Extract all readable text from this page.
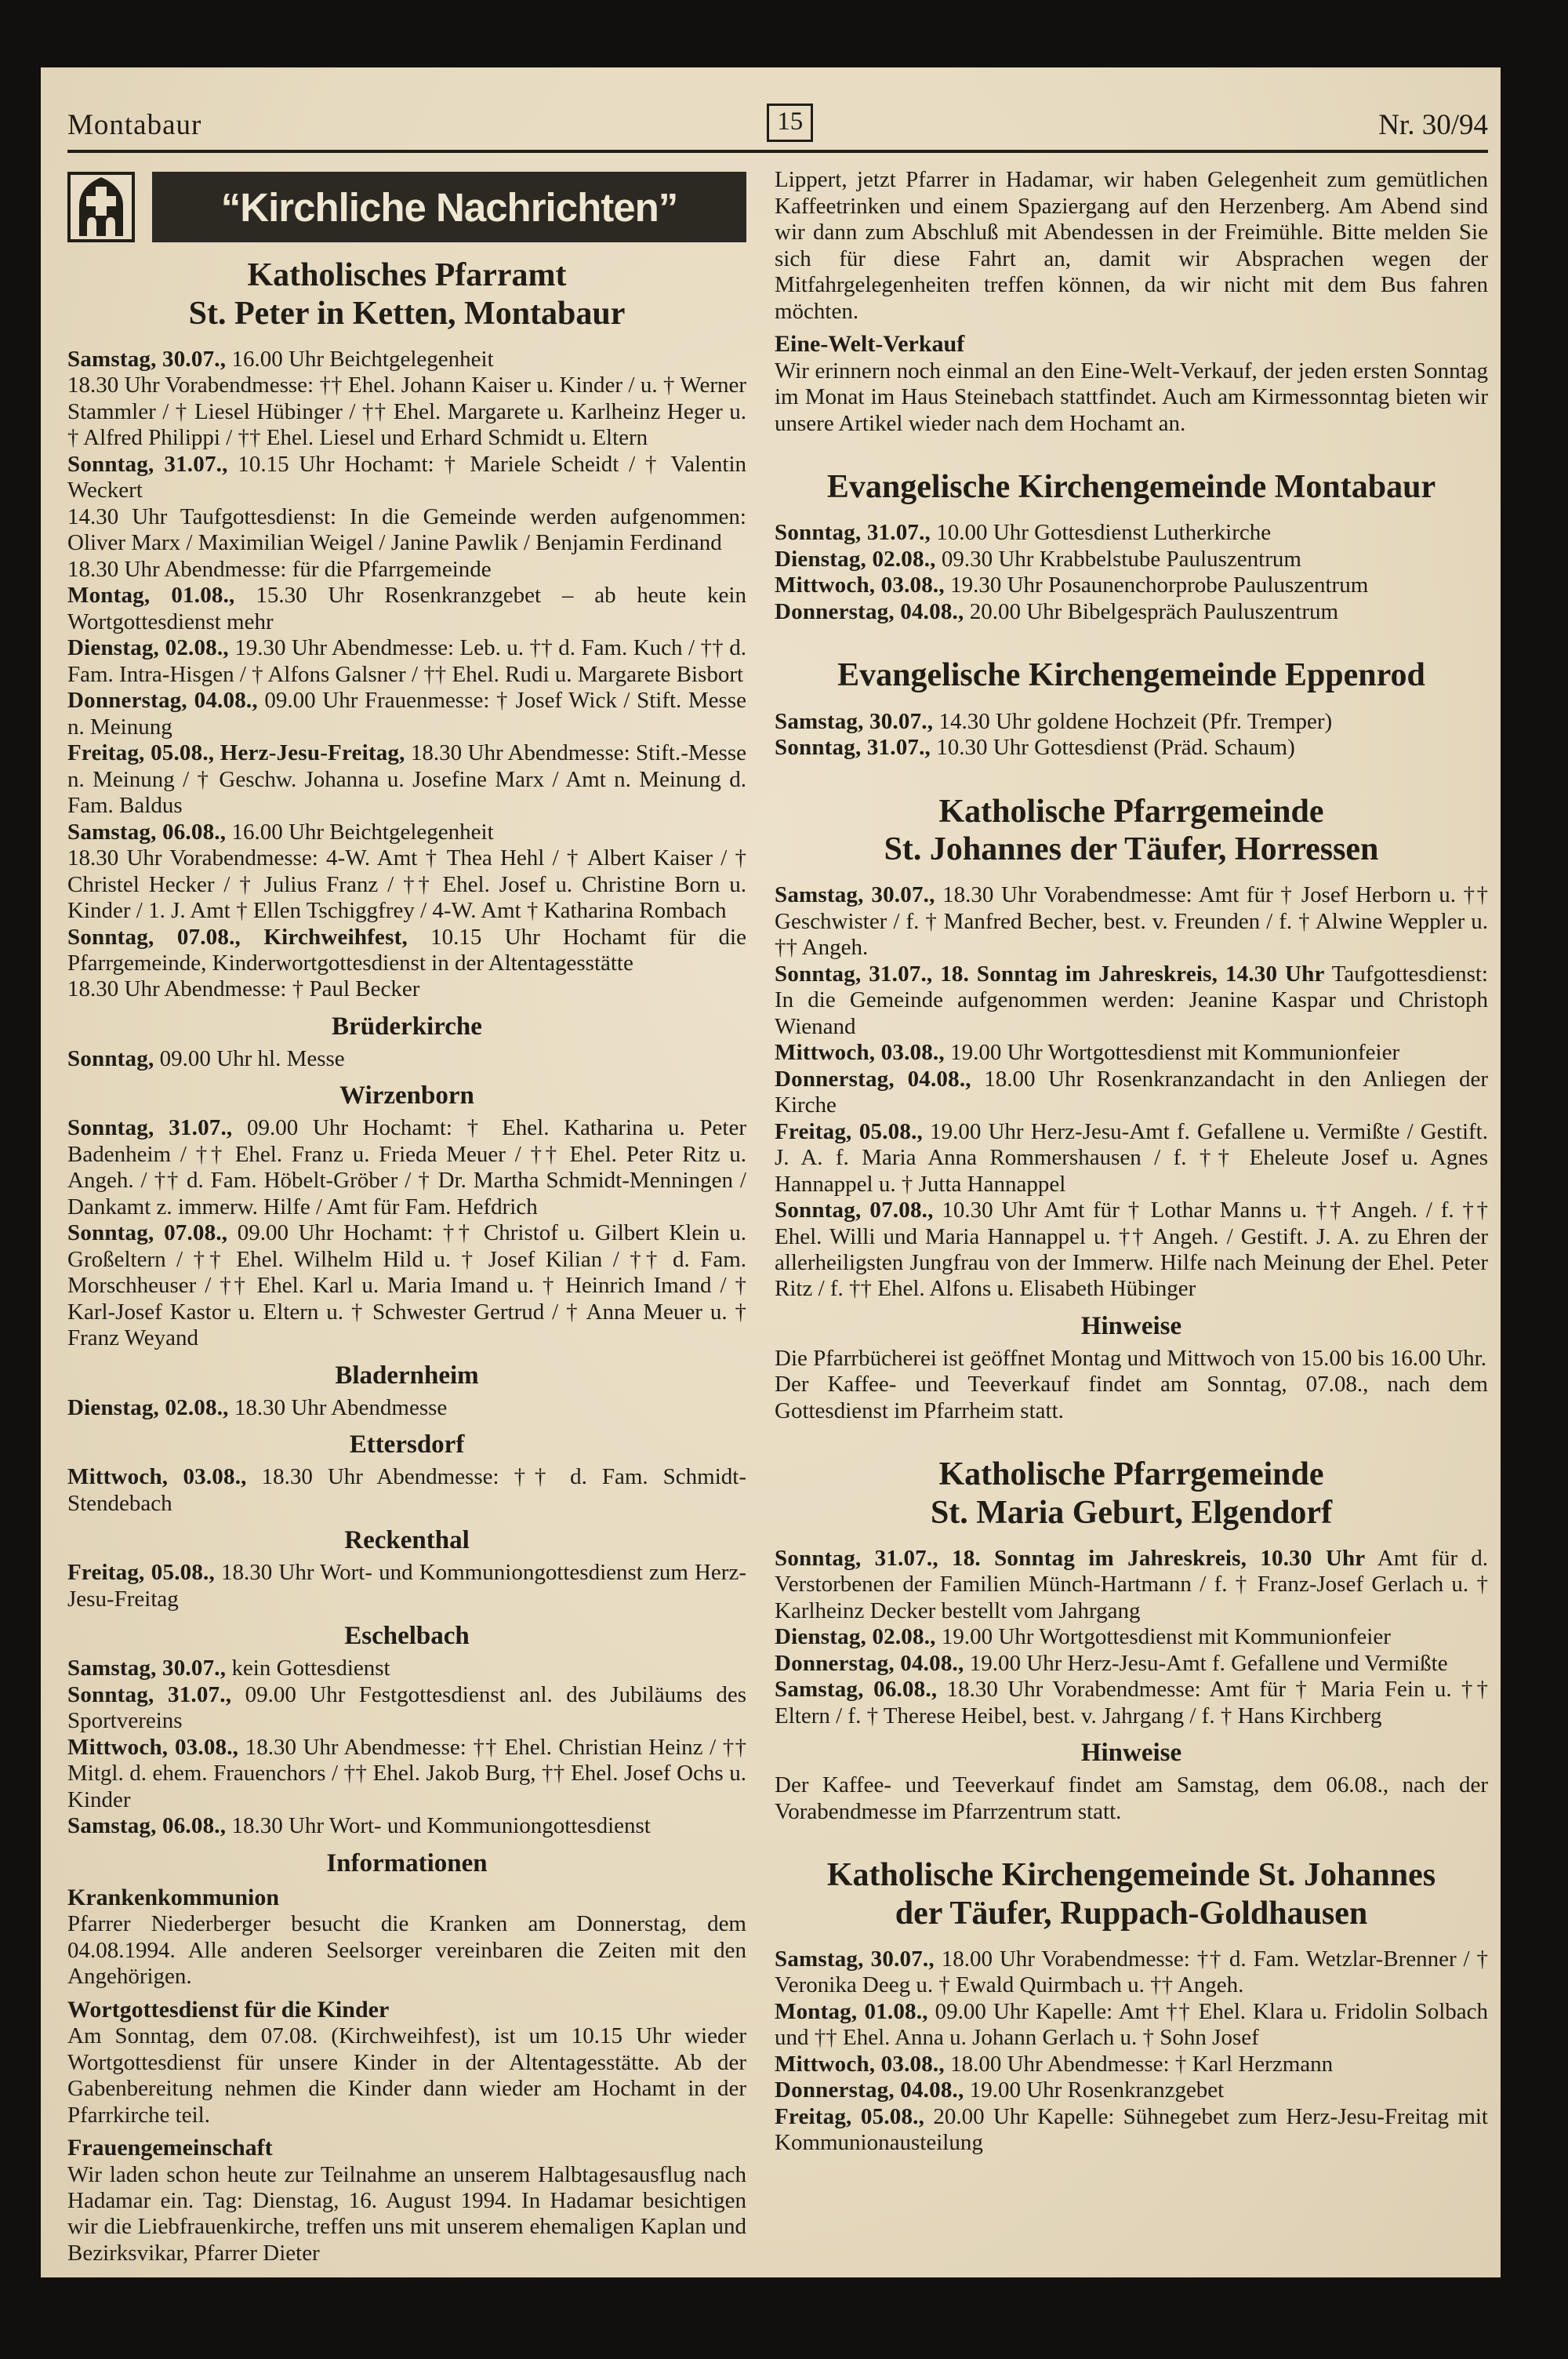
Montabaur	15	Nr. 30/94
“Kirchliche Nachrichten”
Katholisches Pfarramt
St. Peter in Ketten, Montabaur

Samstag, 30.07., 16.00 Uhr Beichtgelegenheit

18.30 Uhr Vorabendmesse: †† Ehel. Johann Kaiser u. Kinder / u. † Werner Stammler / † Liesel Hübinger / †† Ehel. Margarete u. Karlheinz Heger u. † Alfred Philippi / †† Ehel. Liesel und Erhard Schmidt u. Eltern

Sonntag, 31.07., 10.15 Uhr Hochamt: † Mariele Scheidt / † Valentin Weckert

14.30 Uhr Taufgottesdienst: In die Gemeinde werden aufgenommen: Oliver Marx / Maximilian Weigel / Janine Pawlik / Benjamin Ferdinand

18.30 Uhr Abendmesse: für die Pfarrgemeinde

Montag, 01.08., 15.30 Uhr Rosenkranzgebet – ab heute kein Wortgottesdienst mehr

Dienstag, 02.08., 19.30 Uhr Abendmesse: Leb. u. †† d. Fam. Kuch / †† d. Fam. Intra-Hisgen / † Alfons Galsner / †† Ehel. Rudi u. Margarete Bisbort

Donnerstag, 04.08., 09.00 Uhr Frauenmesse: † Josef Wick / Stift. Messe n. Meinung

Freitag, 05.08., Herz-Jesu-Freitag, 18.30 Uhr Abendmesse: Stift.-Messe n. Meinung / † Geschw. Johanna u. Josefine Marx / Amt n. Meinung d. Fam. Baldus

Samstag, 06.08., 16.00 Uhr Beichtgelegenheit

18.30 Uhr Vorabendmesse: 4-W. Amt † Thea Hehl / † Albert Kaiser / † Christel Hecker / † Julius Franz / †† Ehel. Josef u. Christine Born u. Kinder / 1. J. Amt † Ellen Tschiggfrey / 4-W. Amt † Katharina Rombach

Sonntag, 07.08., Kirchweihfest, 10.15 Uhr Hochamt für die Pfarrgemeinde, Kinderwortgottesdienst in der Altentagesstätte

18.30 Uhr Abendmesse: † Paul Becker

Brüderkirche

Sonntag, 09.00 Uhr hl. Messe

Wirzenborn

Sonntag, 31.07., 09.00 Uhr Hochamt: † Ehel. Katharina u. Peter Badenheim / †† Ehel. Franz u. Frieda Meuer / †† Ehel. Peter Ritz u. Angeh. / †† d. Fam. Höbelt-Gröber / † Dr. Martha Schmidt-Menningen / Dankamt z. immerw. Hilfe / Amt für Fam. Hefdrich

Sonntag, 07.08., 09.00 Uhr Hochamt: †† Christof u. Gilbert Klein u. Großeltern / †† Ehel. Wilhelm Hild u. † Josef Kilian / †† d. Fam. Morschheuser / †† Ehel. Karl u. Maria Imand u. † Heinrich Imand / † Karl-Josef Kastor u. Eltern u. † Schwester Gertrud / † Anna Meuer u. † Franz Weyand

Bladernheim

Dienstag, 02.08., 18.30 Uhr Abendmesse

Ettersdorf

Mittwoch, 03.08., 18.30 Uhr Abendmesse: †† d. Fam. Schmidt-Stendebach

Reckenthal

Freitag, 05.08., 18.30 Uhr Wort- und Kommuniongottesdienst zum Herz-Jesu-Freitag

Eschelbach

Samstag, 30.07., kein Gottesdienst

Sonntag, 31.07., 09.00 Uhr Festgottesdienst anl. des Jubiläums des Sportvereins

Mittwoch, 03.08., 18.30 Uhr Abendmesse: †† Ehel. Christian Heinz / †† Mitgl. d. ehem. Frauenchors / †† Ehel. Jakob Burg, †† Ehel. Josef Ochs u. Kinder

Samstag, 06.08., 18.30 Uhr Wort- und Kommuniongottesdienst

Informationen
Krankenkommunion

Pfarrer Niederberger besucht die Kranken am Donnerstag, dem 04.08.1994. Alle anderen Seelsorger vereinbaren die Zeiten mit den Angehörigen.

Wortgottesdienst für die Kinder

Am Sonntag, dem 07.08. (Kirchweihfest), ist um 10.15 Uhr wieder Wortgottesdienst für unsere Kinder in der Altentagesstätte. Ab der Gabenbereitung nehmen die Kinder dann wieder am Hochamt in der Pfarrkirche teil.

Frauengemeinschaft

Wir laden schon heute zur Teilnahme an unserem Halbtagesausflug nach Hadamar ein. Tag: Dienstag, 16. August 1994. In Hadamar besichtigen wir die Liebfrauenkirche, treffen uns mit unserem ehemaligen Kaplan und Bezirksvikar, Pfarrer Dieter

Lippert, jetzt Pfarrer in Hadamar, wir haben Gelegenheit zum gemütlichen Kaffeetrinken und einem Spaziergang auf den Herzenberg. Am Abend sind wir dann zum Abschluß mit Abendessen in der Freimühle. Bitte melden Sie sich für diese Fahrt an, damit wir Absprachen wegen der Mitfahrgelegenheiten treffen können, da wir nicht mit dem Bus fahren möchten.

Eine-Welt-Verkauf

Wir erinnern noch einmal an den Eine-Welt-Verkauf, der jeden ersten Sonntag im Monat im Haus Steinebach stattfindet. Auch am Kirmessonntag bieten wir unsere Artikel wieder nach dem Hochamt an.

Evangelische Kirchengemeinde Montabaur

Sonntag, 31.07., 10.00 Uhr Gottesdienst Lutherkirche

Dienstag, 02.08., 09.30 Uhr Krabbelstube Pauluszentrum

Mittwoch, 03.08., 19.30 Uhr Posaunenchorprobe Pauluszentrum

Donnerstag, 04.08., 20.00 Uhr Bibelgespräch Pauluszentrum

Evangelische Kirchengemeinde Eppenrod

Samstag, 30.07., 14.30 Uhr goldene Hochzeit (Pfr. Tremper)

Sonntag, 31.07., 10.30 Uhr Gottesdienst (Präd. Schaum)

Katholische Pfarrgemeinde
St. Johannes der Täufer, Horressen

Samstag, 30.07., 18.30 Uhr Vorabendmesse: Amt für † Josef Herborn u. †† Geschwister / f. † Manfred Becher, best. v. Freunden / f. † Alwine Weppler u. †† Angeh.

Sonntag, 31.07., 18. Sonntag im Jahreskreis, 14.30 Uhr Taufgottesdienst: In die Gemeinde aufgenommen werden: Jeanine Kaspar und Christoph Wienand

Mittwoch, 03.08., 19.00 Uhr Wortgottesdienst mit Kommunionfeier

Donnerstag, 04.08., 18.00 Uhr Rosenkranzandacht in den Anliegen der Kirche

Freitag, 05.08., 19.00 Uhr Herz-Jesu-Amt f. Gefallene u. Vermißte / Gestift. J. A. f. Maria Anna Rommershausen / f. †† Eheleute Josef u. Agnes Hannappel u. † Jutta Hannappel

Sonntag, 07.08., 10.30 Uhr Amt für † Lothar Manns u. †† Angeh. / f. †† Ehel. Willi und Maria Hannappel u. †† Angeh. / Gestift. J. A. zu Ehren der allerheiligsten Jungfrau von der Immerw. Hilfe nach Meinung der Ehel. Peter Ritz / f. †† Ehel. Alfons u. Elisabeth Hübinger

Hinweise

Die Pfarrbücherei ist geöffnet Montag und Mittwoch von 15.00 bis 16.00 Uhr.

Der Kaffee- und Teeverkauf findet am Sonntag, 07.08., nach dem Gottesdienst im Pfarrheim statt.

Katholische Pfarrgemeinde
St. Maria Geburt, Elgendorf

Sonntag, 31.07., 18. Sonntag im Jahreskreis, 10.30 Uhr Amt für d. Verstorbenen der Familien Münch-Hartmann / f. † Franz-Josef Gerlach u. † Karlheinz Decker bestellt vom Jahrgang

Dienstag, 02.08., 19.00 Uhr Wortgottesdienst mit Kommunionfeier

Donnerstag, 04.08., 19.00 Uhr Herz-Jesu-Amt f. Gefallene und Vermißte

Samstag, 06.08., 18.30 Uhr Vorabendmesse: Amt für † Maria Fein u. †† Eltern / f. † Therese Heibel, best. v. Jahrgang / f. † Hans Kirchberg

Hinweise

Der Kaffee- und Teeverkauf findet am Samstag, dem 06.08., nach der Vorabendmesse im Pfarrzentrum statt.

Katholische Kirchengemeinde St. Johannes
der Täufer, Ruppach-Goldhausen

Samstag, 30.07., 18.00 Uhr Vorabendmesse: †† d. Fam. Wetzlar-Brenner / † Veronika Deeg u. † Ewald Quirmbach u. †† Angeh.

Montag, 01.08., 09.00 Uhr Kapelle: Amt †† Ehel. Klara u. Fridolin Solbach und †† Ehel. Anna u. Johann Gerlach u. † Sohn Josef

Mittwoch, 03.08., 18.00 Uhr Abendmesse: † Karl Herzmann

Donnerstag, 04.08., 19.00 Uhr Rosenkranzgebet

Freitag, 05.08., 20.00 Uhr Kapelle: Sühnegebet zum Herz-Jesu-Freitag mit Kommunionausteilung
